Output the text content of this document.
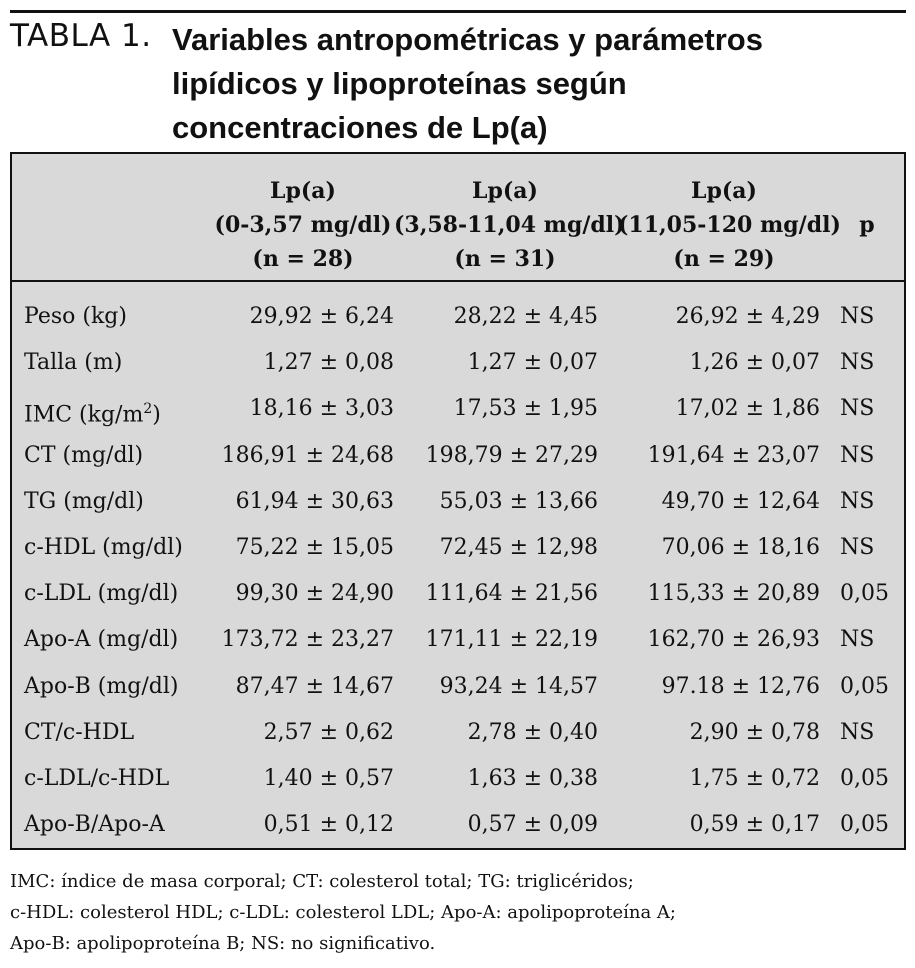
TABLA 1. Variables antropométricas y parámetros
lipídicos y lipoproteínas según
concentraciones de Lp(a)
Lp(a)
(0-3,57 mg/dl)
(n = 28)
Lp(a)
(3,58-11,04 mg/dl)
(n = 31)
Lp(a)
(11,05-120 mg/dl)
(n = 29)
p
Peso (kg)	29,92 ± 6,24	28,22 ± 4,45	26,92 ± 4,29 NS
Talla (m)	1,27 ± 0,08	1,27 ± 0,07	1,26 ± 0,07 NS
IMC $(kg/m^2)$	18,16 ± 3,03	17,53 ± 1,95	17,02 ± 1,86 NS
CT (mg/dl)	186,91 ± 24,68	198,79 ± 27,29	191,64 ± 23,07 NS
TG (mg/dl)	61,94 ± 30,63	55,03 ± 13,66	49,70 ± 12,64 NS
c-HDL (mg/dl)	75,22 ± 15,05	72,45 ± 12,98	70,06 ± 18,16 NS
c-LDL (mg/dl)	99,30 ± 24,90	111,64 ± 21,56	115,33 ± 20,89 0,05
Apo-A (mg/dl)	173,72 ± 23,27	171,11 ± 22,19	162,70 ± 26,93 NS
Apo-B (mg/dl)	87,47 ± 14,67	93,24 ± 14,57	97.18 ± 12,76 0,05
CT/c-HDL	2,57 ± 0,62	2,78 ± 0,40	2,90 ± 0,78 NS
c-LDL/c-HDL	1,40 ± 0,57	1,63 ± 0,38	1,75 ± 0,72 0,05
Apo-B/Apo-A	0,51 ± 0,12	0,57 ± 0,09	0,59 ± 0,17 0,05
IMC: índice de masa corporal; CT: colesterol total; TG: triglicéridos;
c-HDL: colesterol HDL; c-LDL: colesterol LDL; Apo-A: apolipoproteína A;
Apo-B: apolipoproteína B; NS: no significativo.
